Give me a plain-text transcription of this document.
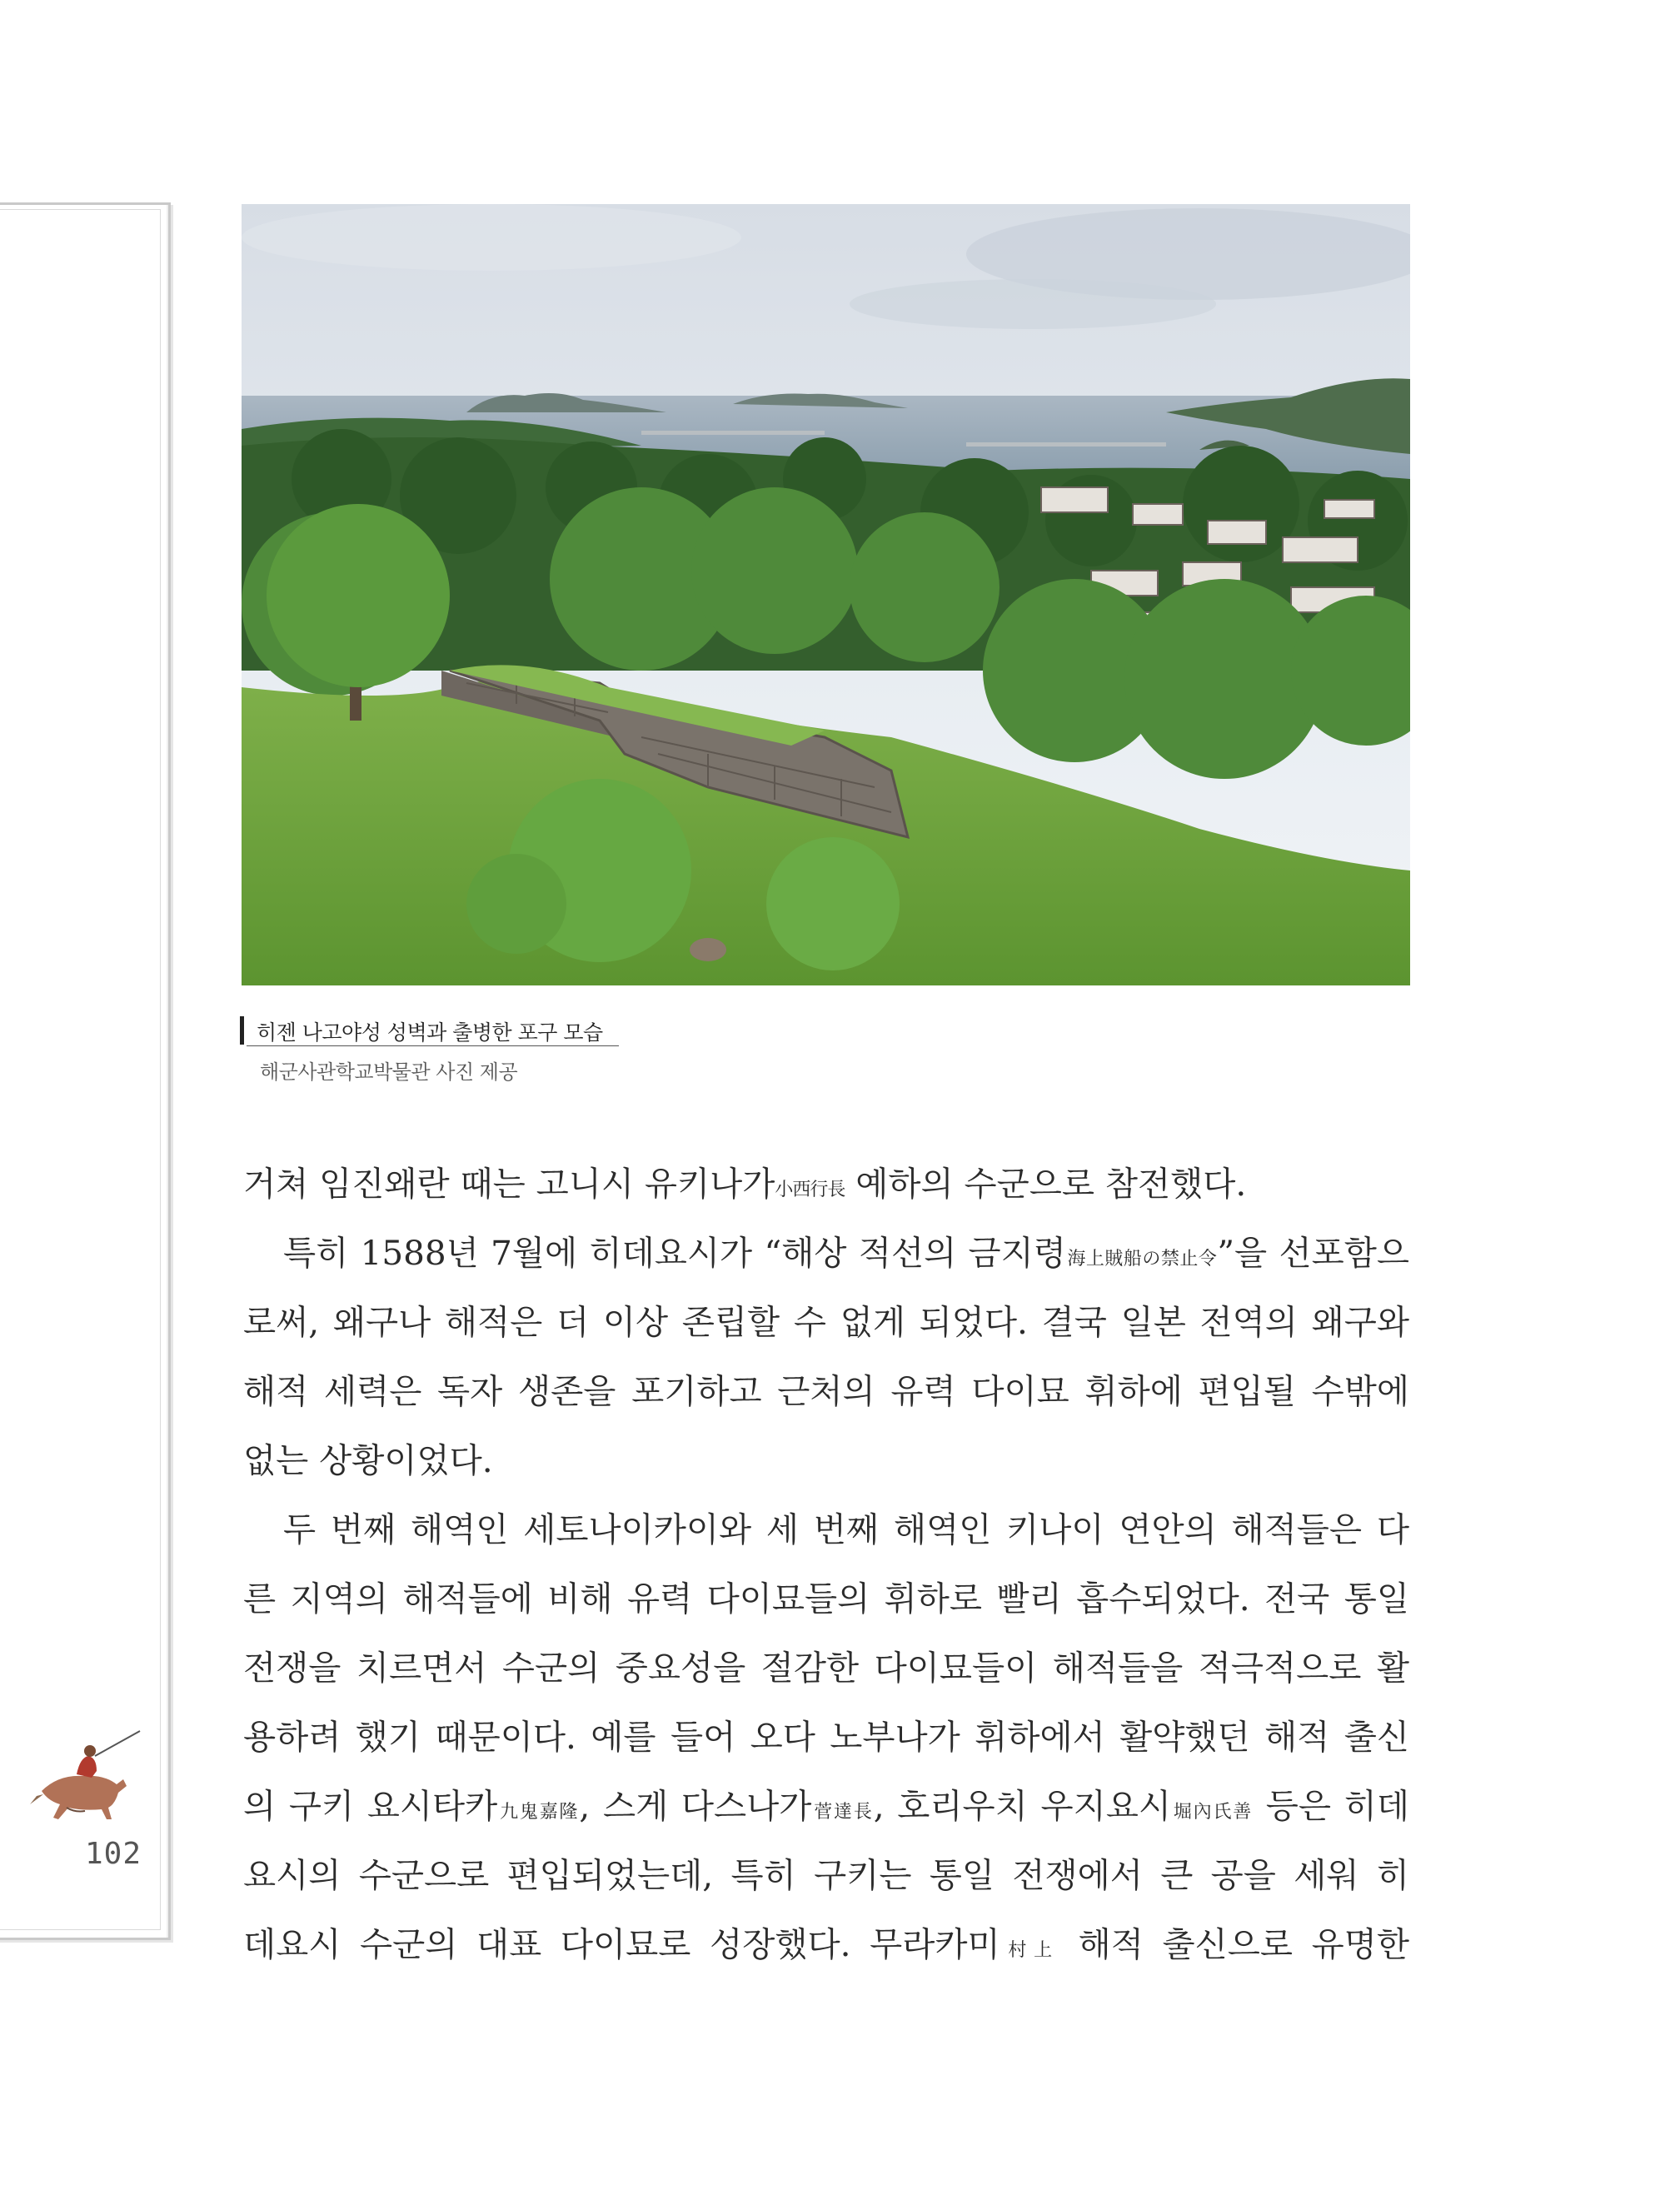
102
히젠 나고야성 성벽과 출병한 포구 모습
해군사관학교박물관 사진 제공
거쳐 임진왜란 때는 고니시 유키나가小西行長 예하의 수군으로 참전했다.
특히 1588년 7월에 히데요시가 “해상 적선의 금지령海上賊船の禁止令”을 선포함으
로써, 왜구나 해적은 더 이상 존립할 수 없게 되었다. 결국 일본 전역의 왜구와
해적 세력은 독자 생존을 포기하고 근처의 유력 다이묘 휘하에 편입될 수밖에
없는 상황이었다.
두 번째 해역인 세토나이카이와 세 번째 해역인 키나이 연안의 해적들은 다
른 지역의 해적들에 비해 유력 다이묘들의 휘하로 빨리 흡수되었다. 전국 통일
전쟁을 치르면서 수군의 중요성을 절감한 다이묘들이 해적들을 적극적으로 활
용하려 했기 때문이다. 예를 들어 오다 노부나가 휘하에서 활약했던 해적 출신
의 구키 요시타카九鬼嘉隆, 스게 다스나가菅達長, 호리우치 우지요시堀內氏善 등은 히데
요시의 수군으로 편입되었는데, 특히 구키는 통일 전쟁에서 큰 공을 세워 히
데요시 수군의 대표 다이묘로 성장했다. 무라카미村上 해적 출신으로 유명한
